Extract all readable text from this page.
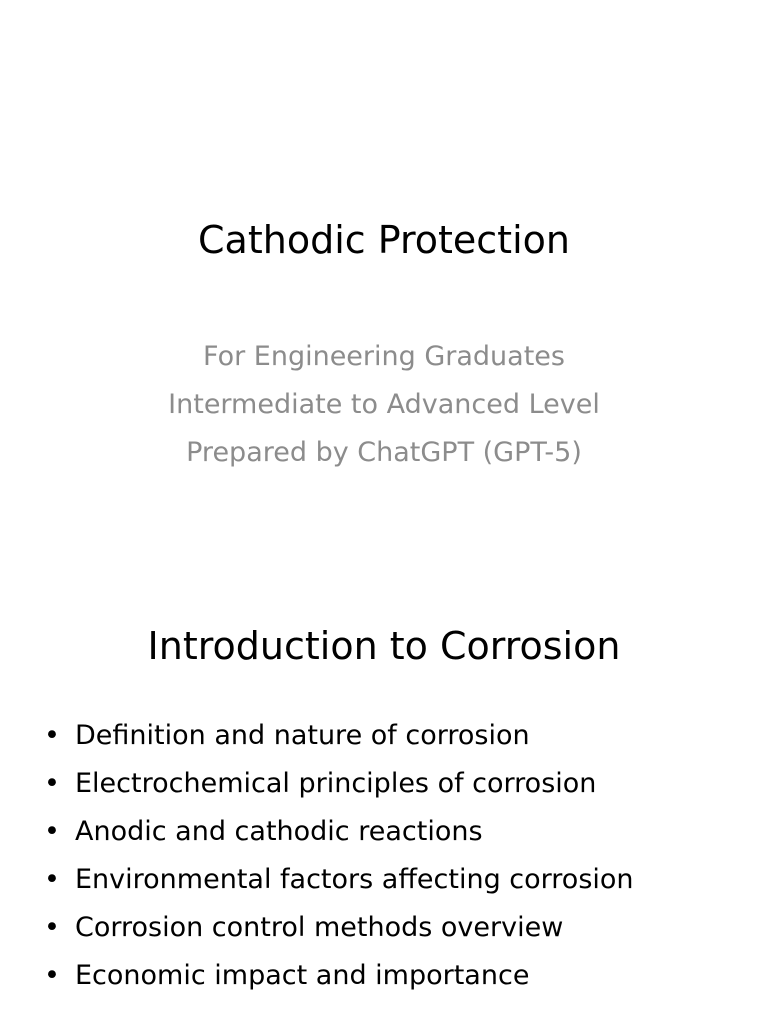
Cathodic Protection
For Engineering Graduates
Intermediate to Advanced Level
Prepared by ChatGPT (GPT-5)
Introduction to Corrosion
• Definition and nature of corrosion
• Electrochemical principles of corrosion
• Anodic and cathodic reactions
• Environmental factors affecting corrosion
• Corrosion control methods overview
• Economic impact and importance
